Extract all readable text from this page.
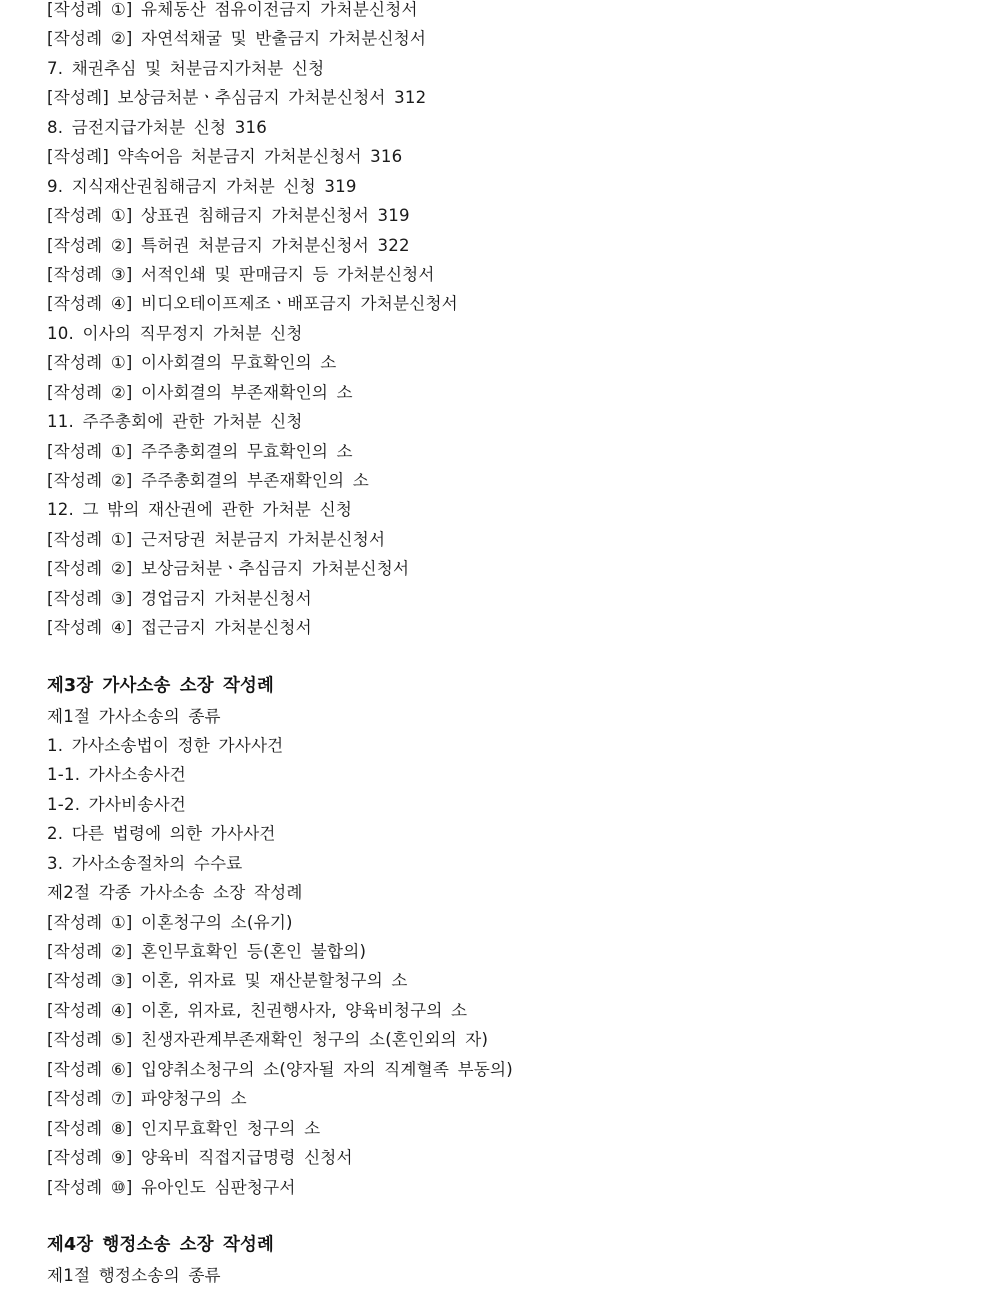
[작성례 ①] 유체동산 점유이전금지 가처분신청서
[작성례 ②] 자연석채굴 및 반출금지 가처분신청서
7. 채권추심 및 처분금지가처분 신청
[작성례] 보상금처분ㆍ추심금지 가처분신청서 312
8. 금전지급가처분 신청 316
[작성례] 약속어음 처분금지 가처분신청서 316
9. 지식재산권침해금지 가처분 신청 319
[작성례 ①] 상표권 침해금지 가처분신청서 319
[작성례 ②] 특허권 처분금지 가처분신청서 322
[작성례 ③] 서적인쇄 및 판매금지 등 가처분신청서
[작성례 ④] 비디오테이프제조ㆍ배포금지 가처분신청서
10. 이사의 직무정지 가처분 신청
[작성례 ①] 이사회결의 무효확인의 소
[작성례 ②] 이사회결의 부존재확인의 소
11. 주주총회에 관한 가처분 신청
[작성례 ①] 주주총회결의 무효확인의 소
[작성례 ②] 주주총회결의 부존재확인의 소
12. 그 밖의 재산권에 관한 가처분 신청
[작성례 ①] 근저당권 처분금지 가처분신청서
[작성례 ②] 보상금처분ㆍ추심금지 가처분신청서
[작성례 ③] 경업금지 가처분신청서
[작성례 ④] 접근금지 가처분신청서
제3장 가사소송 소장 작성례
제1절 가사소송의 종류
1. 가사소송법이 정한 가사사건
1-1. 가사소송사건
1-2. 가사비송사건
2. 다른 법령에 의한 가사사건
3. 가사소송절차의 수수료
제2절 각종 가사소송 소장 작성례
[작성례 ①] 이혼청구의 소(유기)
[작성례 ②] 혼인무효확인 등(혼인 불합의)
[작성례 ③] 이혼, 위자료 및 재산분할청구의 소
[작성례 ④] 이혼, 위자료, 친권행사자, 양육비청구의 소
[작성례 ⑤] 친생자관계부존재확인 청구의 소(혼인외의 자)
[작성례 ⑥] 입양취소청구의 소(양자될 자의 직계혈족 부동의)
[작성례 ⑦] 파양청구의 소
[작성례 ⑧] 인지무효확인 청구의 소
[작성례 ⑨] 양육비 직접지급명령 신청서
[작성례 ⑩] 유아인도 심판청구서
제4장 행정소송 소장 작성례
제1절 행정소송의 종류
